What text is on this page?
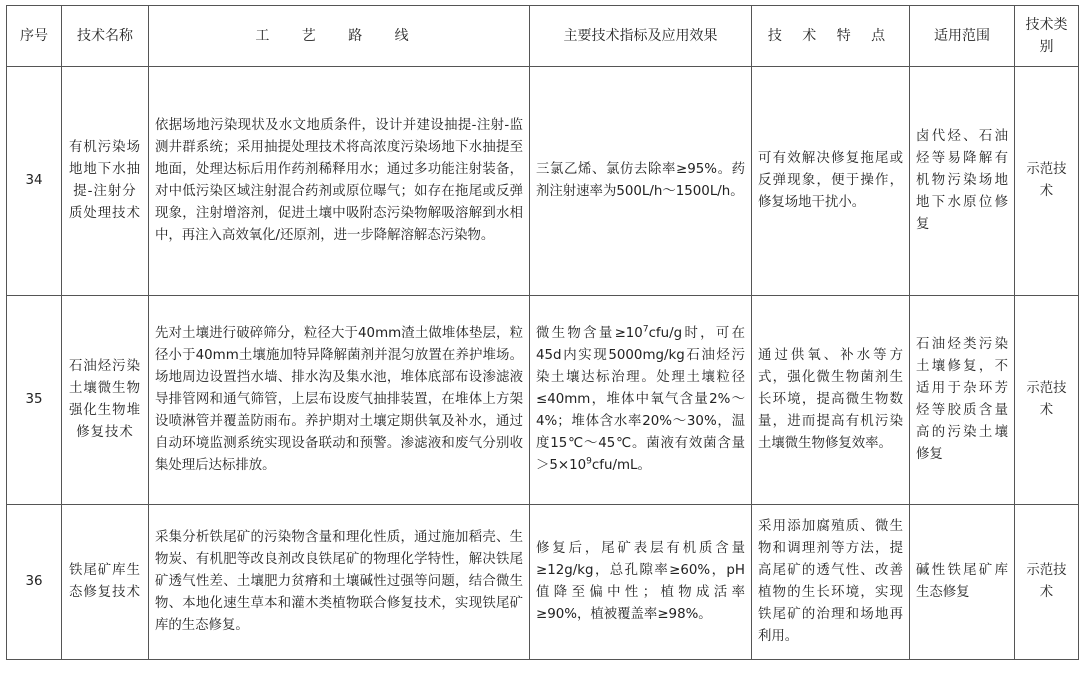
序号	技术名称	工 艺 路 线	主要技术指标及应用效果	技 术 特 点	适用范围	技术类别
34	有机污染场地地下水抽提-注射分质处理技术	依据场地污染现状及水文地质条件，设计并建设抽提-注射-监测井群系统；采用抽提处理技术将高浓度污染场地下水抽提至地面，处理达标后用作药剂稀释用水；通过多功能注射装备，对中低污染区域注射混合药剂或原位曝气；如存在拖尾或反弹现象，注射增溶剂，促进土壤中吸附态污染物解吸溶解到水相中，再注入高效氧化/还原剂，进一步降解溶解态污染物。	三氯乙烯、氯仿去除率≥95%。药剂注射速率为500L/h～1500L/h。	可有效解决修复拖尾或反弹现象，便于操作，修复场地干扰小。	卤代烃、石油烃等易降解有机物污染场地地下水原位修复	示范技术
35	石油烃污染土壤微生物强化生物堆修复技术	先对土壤进行破碎筛分，粒径大于40mm渣土做堆体垫层，粒径小于40mm土壤施加特异降解菌剂并混匀放置在养护堆场。场地周边设置挡水墙、排水沟及集水池，堆体底部布设渗滤液导排管网和通气筛管，上层布设废气抽排装置，在堆体上方架设喷淋管并覆盖防雨布。养护期对土壤定期供氧及补水，通过自动环境监测系统实现设备联动和预警。渗滤液和废气分别收集处理后达标排放。	微生物含量$\ge 10^7cfu/g$时，可在45d内实现5000mg/kg石油烃污染土壤达标治理。处理土壤粒径≤40mm，堆体中氧气含量2%～4%；堆体含水率20%～30%，温度15℃～45℃。菌液有效菌含量$>5\times 10^9cfu/mL$。	通过供氧、补水等方式，强化微生物菌剂生长环境，提高微生物数量，进而提高有机污染土壤微生物修复效率。	石油烃类污染土壤修复，不适用于杂环芳烃等胶质含量高的污染土壤修复	示范技术
36	铁尾矿库生态修复技术	采集分析铁尾矿的污染物含量和理化性质，通过施加稻壳、生物炭、有机肥等改良剂改良铁尾矿的物理化学特性，解决铁尾矿透气性差、土壤肥力贫瘠和土壤碱性过强等问题，结合微生物、本地化速生草本和灌木类植物联合修复技术，实现铁尾矿库的生态修复。	修复后，尾矿表层有机质含量≥12g/kg，总孔隙率≥60%，pH值降至偏中性；植物成活率≥90%，植被覆盖率≥98%。	采用添加腐殖质、微生物和调理剂等方法，提高尾矿的透气性、改善植物的生长环境，实现铁尾矿的治理和场地再利用。	碱性铁尾矿库生态修复	示范技术
